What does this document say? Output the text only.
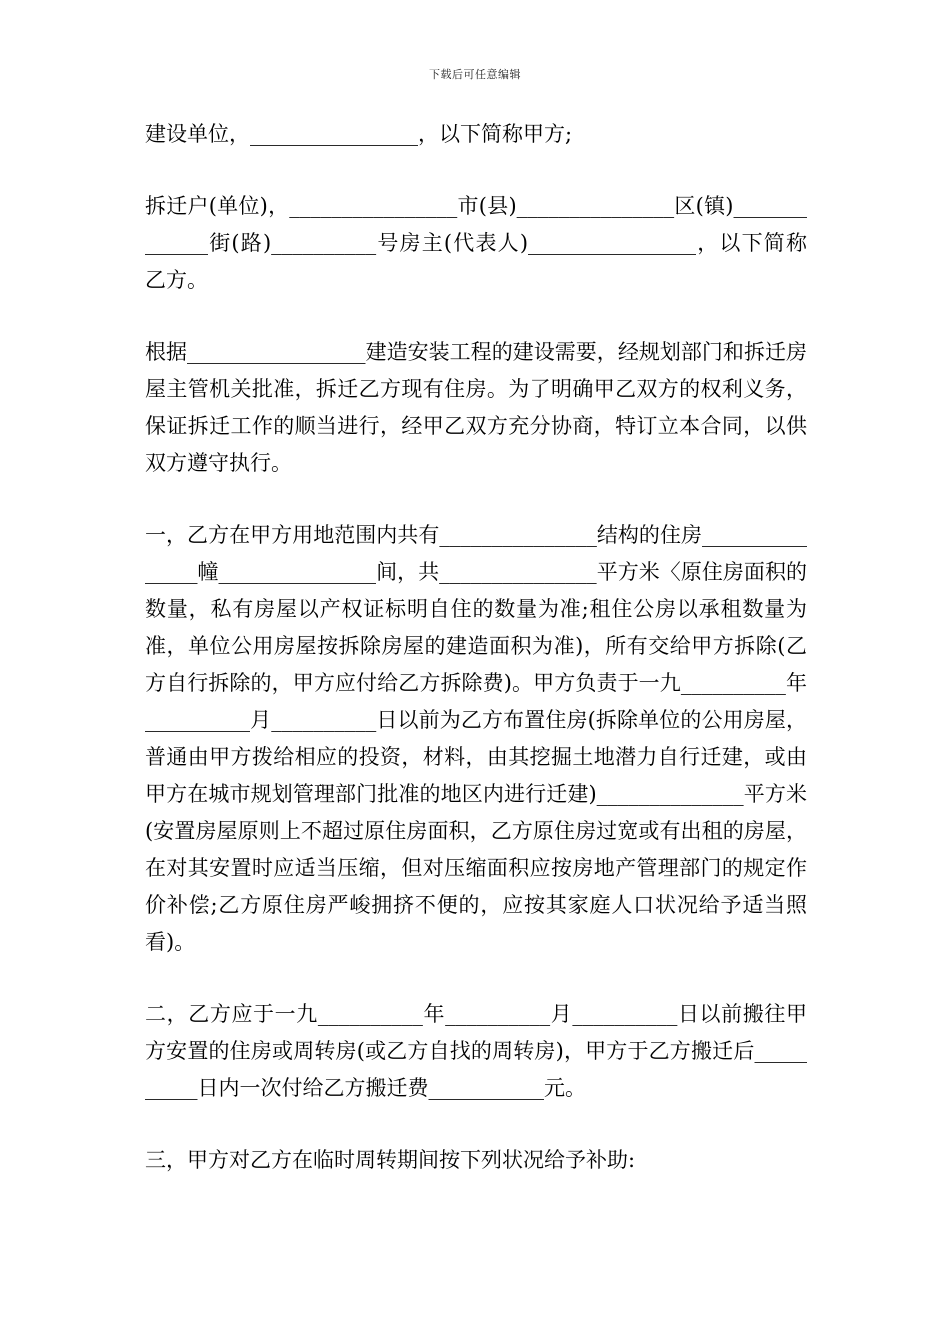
下载后可任意编辑

建设单位，________________，以下简称甲方;

拆迁户(单位)，________________市(县)_______________区(镇)_____________街(路)__________号房主(代表人)________________，以下简称乙方。

根据_________________建造安装工程的建设需要，经规划部门和拆迁房屋主管机关批准，拆迁乙方现有住房。为了明确甲乙双方的权利义务，保证拆迁工作的顺当进行，经甲乙双方充分协商，特订立本合同，以供双方遵守执行。

一，乙方在甲方用地范围内共有_______________结构的住房_______________幢_______________间，共_______________平方米〈原住房面积的数量，私有房屋以产权证标明自住的数量为准;租住公房以承租数量为准，单位公用房屋按拆除房屋的建造面积为准)，所有交给甲方拆除(乙方自行拆除的，甲方应付给乙方拆除费)。甲方负责于一九__________年__________月__________日以前为乙方布置住房(拆除单位的公用房屋，普通由甲方拨给相应的投资，材料，由其挖掘土地潜力自行迁建，或由甲方在城市规划管理部门批准的地区内进行迁建)______________平方米(安置房屋原则上不超过原住房面积，乙方原住房过宽或有出租的房屋，在对其安置时应适当压缩，但对压缩面积应按房地产管理部门的规定作价补偿;乙方原住房严峻拥挤不便的，应按其家庭人口状况给予适当照看)。

二，乙方应于一九__________年__________月__________日以前搬往甲方安置的住房或周转房(或乙方自找的周转房)，甲方于乙方搬迁后__________日内一次付给乙方搬迁费___________元。

三，甲方对乙方在临时周转期间按下列状况给予补助:
